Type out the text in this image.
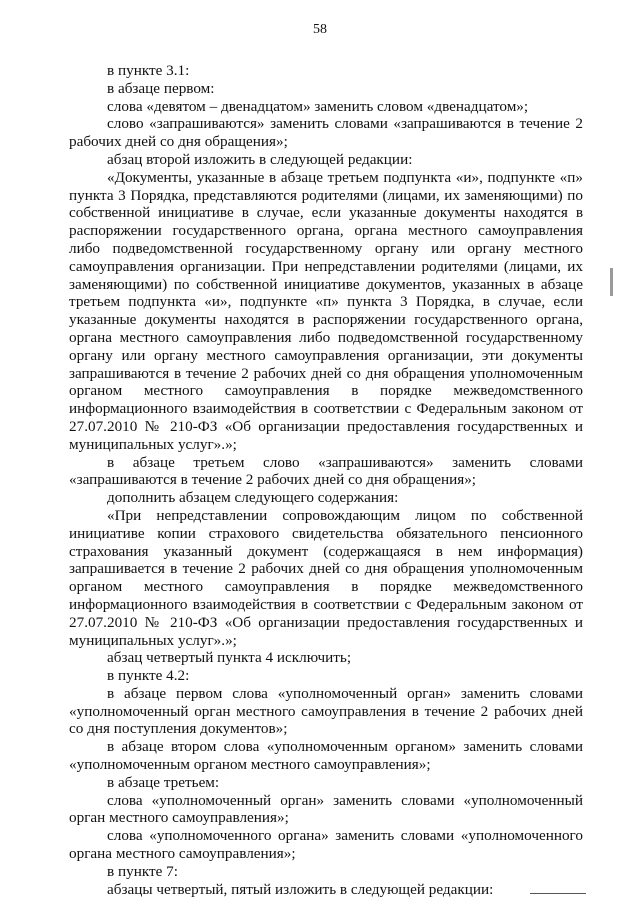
58

в пункте 3.1:

в абзаце первом:

слова «девятом – двенадцатом» заменить словом «двенадцатом»;

слово «запрашиваются» заменить словами «запрашиваются в течение 2 рабочих дней со дня обращения»;

абзац второй изложить в следующей редакции:

«Документы, указанные в абзаце третьем подпункта «и», подпункте «п» пункта 3 Порядка, представляются родителями (лицами, их заменяющими) по собственной инициативе в случае, если указанные документы находятся в распоряжении государственного органа, органа местного самоуправления либо подведомственной государственному органу или органу местного самоуправления организации. При непредставлении родителями (лицами, их заменяющими) по собственной инициативе документов, указанных в абзаце третьем подпункта «и», подпункте «п» пункта 3 Порядка, в случае, если указанные документы находятся в распоряжении государственного органа, органа местного самоуправления либо подведомственной государственному органу или органу местного самоуправления организации, эти документы запрашиваются в течение 2 рабочих дней со дня обращения уполномоченным органом местного самоуправления в порядке межведомственного информационного взаимодействия в соответствии с Федеральным законом от 27.07.2010 № 210-ФЗ «Об организации предоставления государственных и муниципальных услуг».»;

в абзаце третьем слово «запрашиваются» заменить словами «запрашиваются в течение 2 рабочих дней со дня обращения»;

дополнить абзацем следующего содержания:

«При непредставлении сопровождающим лицом по собственной инициативе копии страхового свидетельства обязательного пенсионного страхования указанный документ (содержащаяся в нем информация) запрашивается в течение 2 рабочих дней со дня обращения уполномоченным органом местного самоуправления в порядке межведомственного информационного взаимодействия в соответствии с Федеральным законом от 27.07.2010 № 210-ФЗ «Об организации предоставления государственных и муниципальных услуг».»;

абзац четвертый пункта 4 исключить;

в пункте 4.2:

в абзаце первом слова «уполномоченный орган» заменить словами «уполномоченный орган местного самоуправления в течение 2 рабочих дней со дня поступления документов»;

в абзаце втором слова «уполномоченным органом» заменить словами «уполномоченным органом местного самоуправления»;

в абзаце третьем:

слова «уполномоченный орган» заменить словами «уполномоченный орган местного самоуправления»;

слова «уполномоченного органа» заменить словами «уполномоченного органа местного самоуправления»;

в пункте 7:

абзацы четвертый, пятый изложить в следующей редакции:
